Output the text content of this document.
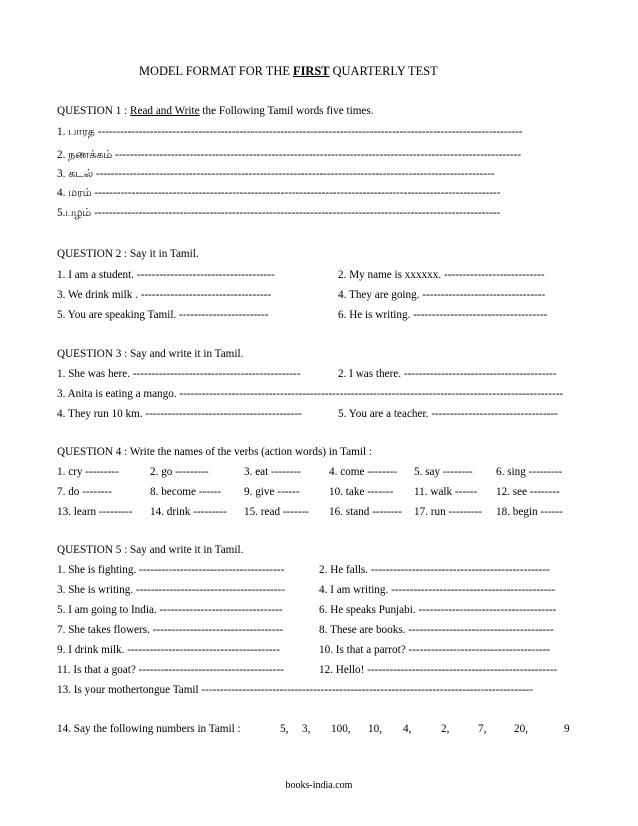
MODEL FORMAT FOR THE FIRST QUARTERLY TEST
QUESTION 1 : Read and Write the Following Tamil words five times.
1. பாரத ------------------------------------------------------------------------------------------------------------------
2. நணக்கம் -------------------------------------------------------------------------------------------------------------
3. கடல் -----------------------------------------------------------------------------------------------------------
4. மரம் -------------------------------------------------------------------------------------------------------------
5.பழம் -------------------------------------------------------------------------------------------------------------
QUESTION 2 : Say it in Tamil.
1. I am a student. -------------------------------------	2. My name is xxxxxx. ---------------------------
3. We drink milk . -----------------------------------	4. They are going. ---------------------------------
5. You are speaking Tamil. ------------------------	6. He is writing. ------------------------------------
QUESTION 3 : Say and write it in Tamil.
1. She was here. ---------------------------------------------	2. I was there. -----------------------------------------
3. Anita is eating a mango. -------------------------------------------------------------------------------------------------------
4. They run 10 km. ------------------------------------------	5. You are a teacher. ----------------------------------
QUESTION 4 : Write the names of the verbs (action words) in Tamil :
1. cry ---------	2. go ---------	3. eat --------	4. come -------- 5. say -------- 6. sing ---------
7. do --------	8. become ------ 9. give ------	10. take ------- 11. walk ------ 12. see --------
13. learn --------- 14. drink --------- 15. read ------- 16. stand -------- 17. run --------- 18. begin ------
QUESTION 5 : Say and write it in Tamil.
1. She is fighting. ---------------------------------------	2. He falls. ------------------------------------------------
3. She is writing. ----------------------------------------	4. I am writing. --------------------------------------------
5. I am going to India. ---------------------------------	6. He speaks Punjabi. -------------------------------------
7. She takes flowers. -----------------------------------	8. These are books. ---------------------------------------
9. I drink milk. -----------------------------------------	10. Is that a parrot? --------------------------------------
11. Is that a goat? ---------------------------------------	12. Hello! ---------------------------------------------------
13. Is your mothertongue Tamil -----------------------------------------------------------------------------------------
14. Say the following numbers in Tamil :	5, 3, 100, 10, 4,	2,	7, 20,	9
books-india.com
